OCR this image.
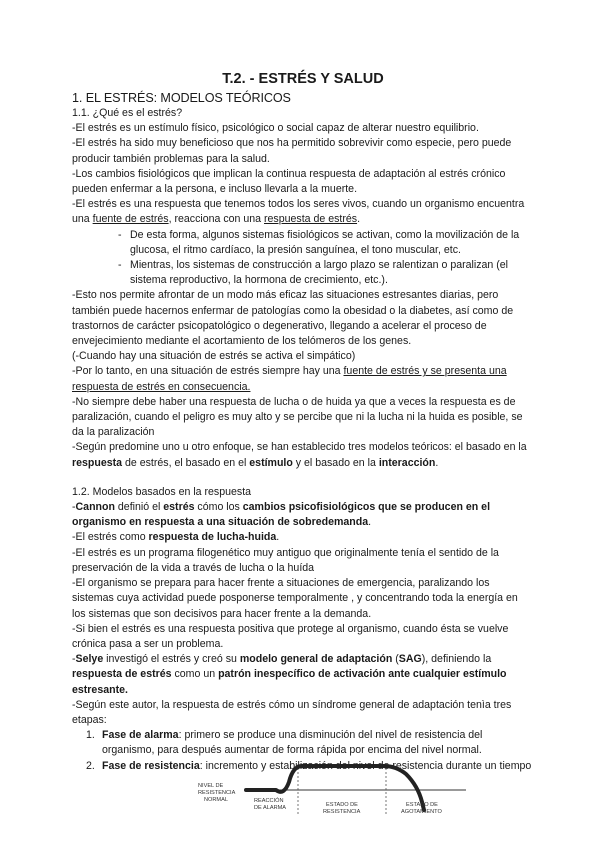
T.2. - ESTRÉS Y SALUD

1. EL ESTRÉS: MODELOS TEÓRICOS

1.1. ¿Qué es el estrés?

-El estrés es un estímulo físico, psicológico o social capaz de alterar nuestro equilibrio.

-El estrés ha sido muy beneficioso que nos ha permitido sobrevivir como especie, pero puede producir también problemas para la salud.

-Los cambios fisiológicos que implican la continua respuesta de adaptación al estrés crónico pueden enfermar a la persona, e incluso llevarla a la muerte.

-El estrés es una respuesta que tenemos todos los seres vivos, cuando un organismo encuentra una fuente de estrés, reacciona con una respuesta de estrés.

- De esta forma, algunos sistemas fisiológicos se activan, como la movilización de la glucosa, el ritmo cardíaco, la presión sanguínea, el tono muscular, etc.

- Mientras, los sistemas de construcción a largo plazo se ralentizan o paralizan (el sistema reproductivo, la hormona de crecimiento, etc.).

-Esto nos permite afrontar de un modo más eficaz las situaciones estresantes diarias, pero también puede hacernos enfermar de patologías como la obesidad o la diabetes, así como de trastornos de carácter psicopatológico o degenerativo, llegando a acelerar el proceso de envejecimiento mediante el acortamiento de los telómeros de los genes.

(-Cuando hay una situación de estrés se activa el simpático)

-Por lo tanto, en una situación de estrés siempre hay una fuente de estrés y se presenta una respuesta de estrés en consecuencia.

-No siempre debe haber una respuesta de lucha o de huida ya que a veces la respuesta es de paralización, cuando el peligro es muy alto y se percibe que ni la lucha ni la huida es posible, se da la paralización

-Según predomine uno u otro enfoque, se han establecido tres modelos teóricos: el basado en la respuesta de estrés, el basado en el estímulo y el basado en la interacción.

1.2. Modelos basados en la respuesta

-Cannon definió el estrés cómo los cambios psicofisiológicos que se producen en el organismo en respuesta a una situación de sobredemanda.

-El estrés como respuesta de lucha-huida.

-El estrés es un programa filogenético muy antiguo que originalmente tenía el sentido de la preservación de la vida a través de lucha o la huída

-El organismo se prepara para hacer frente a situaciones de emergencia, paralizando los sistemas cuya actividad puede posponerse temporalmente , y concentrando toda la energía en los sistemas que son decisivos para hacer frente a la demanda.

-Si bien el estrés es una respuesta positiva que protege al organismo, cuando ésta se vuelve crónica pasa a ser un problema.

-Selye investigó el estrés y creó su modelo general de adaptación (SAG), definiendo la respuesta de estrés como un patrón inespecífico de activación ante cualquier estímulo estresante.

-Según este autor, la respuesta de estrés cómo un síndrome general de adaptación tenìa tres etapas:

1. Fase de alarma: primero se produce una disminución del nivel de resistencia del organismo, para después aumentar de forma rápida por encima del nivel normal.
2. Fase de resistencia: incremento y estabilización del nivel de resistencia durante un tiempo
NIVEL DE
RESISTENCIA
NORMAL	REACCIÓN
DE ALARMA	ESTADO DE
RESISTENCIA
ESTADO DE
AGOTAMIENTO
